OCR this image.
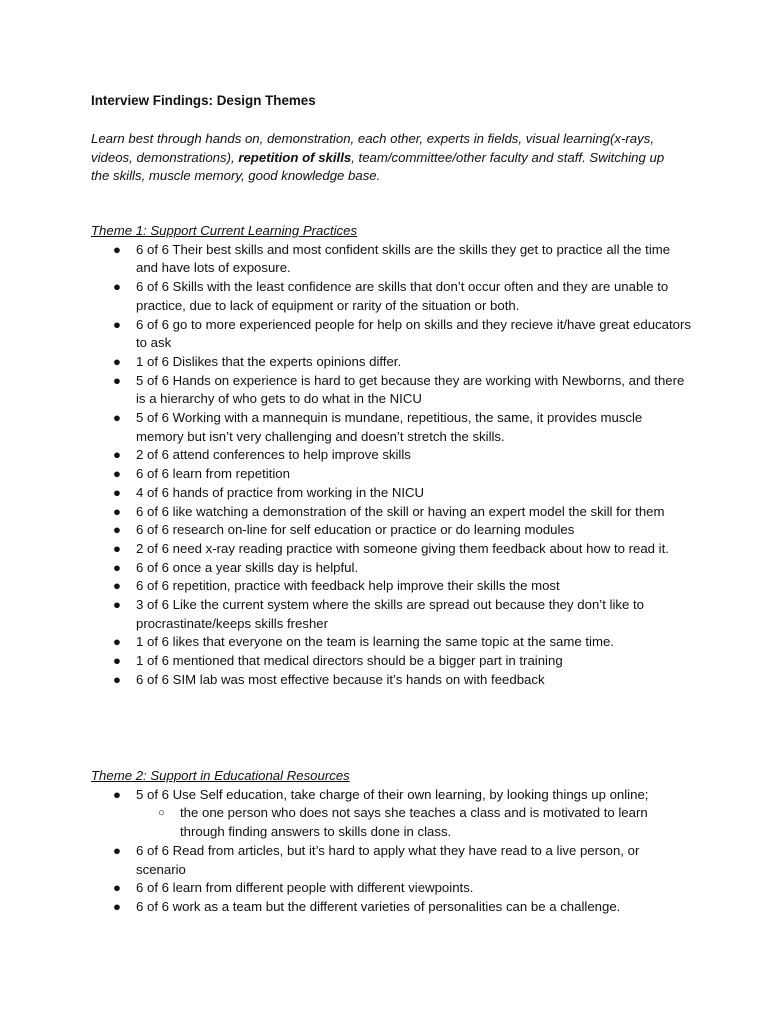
Interview Findings: Design Themes
Learn best through hands on, demonstration, each other, experts in fields, visual learning(x-rays, videos, demonstrations), repetition of skills, team/committee/other faculty and staff. Switching up the skills, muscle memory, good knowledge base.
Theme 1: Support Current Learning Practices
● 6 of 6 Their best skills and most confident skills are the skills they get to practice all the time and have lots of exposure.
● 6 of 6 Skills with the least confidence are skills that don’t occur often and they are unable to practice, due to lack of equipment or rarity of the situation or both.
● 6 of 6 go to more experienced people for help on skills and they recieve it/have great educators to ask
● 1 of 6 Dislikes that the experts opinions differ.
● 5 of 6 Hands on experience is hard to get because they are working with Newborns, and there is a hierarchy of who gets to do what in the NICU
● 5 of 6 Working with a mannequin is mundane, repetitious, the same, it provides muscle memory but isn’t very challenging and doesn’t stretch the skills.
● 2 of 6 attend conferences to help improve skills
● 6 of 6 learn from repetition
● 4 of 6 hands of practice from working in the NICU
● 6 of 6 like watching a demonstration of the skill or having an expert model the skill for them
● 6 of 6 research on-line for self education or practice or do learning modules
● 2 of 6 need x-ray reading practice with someone giving them feedback about how to read it.
● 6 of 6 once a year skills day is helpful.
● 6 of 6 repetition, practice with feedback help improve their skills the most
● 3 of 6 Like the current system where the skills are spread out because they don’t like to procrastinate/keeps skills fresher
● 1 of 6 likes that everyone on the team is learning the same topic at the same time.
● 1 of 6 mentioned that medical directors should be a bigger part in training
● 6 of 6 SIM lab was most effective because it’s hands on with feedback
Theme 2: Support in Educational Resources
● 5 of 6 Use Self education, take charge of their own learning, by looking things up online;
○ the one person who does not says she teaches a class and is motivated to learn through finding answers to skills done in class.
● 6 of 6 Read from articles, but it’s hard to apply what they have read to a live person, or scenario
● 6 of 6 learn from different people with different viewpoints.
● 6 of 6 work as a team but the different varieties of personalities can be a challenge.
